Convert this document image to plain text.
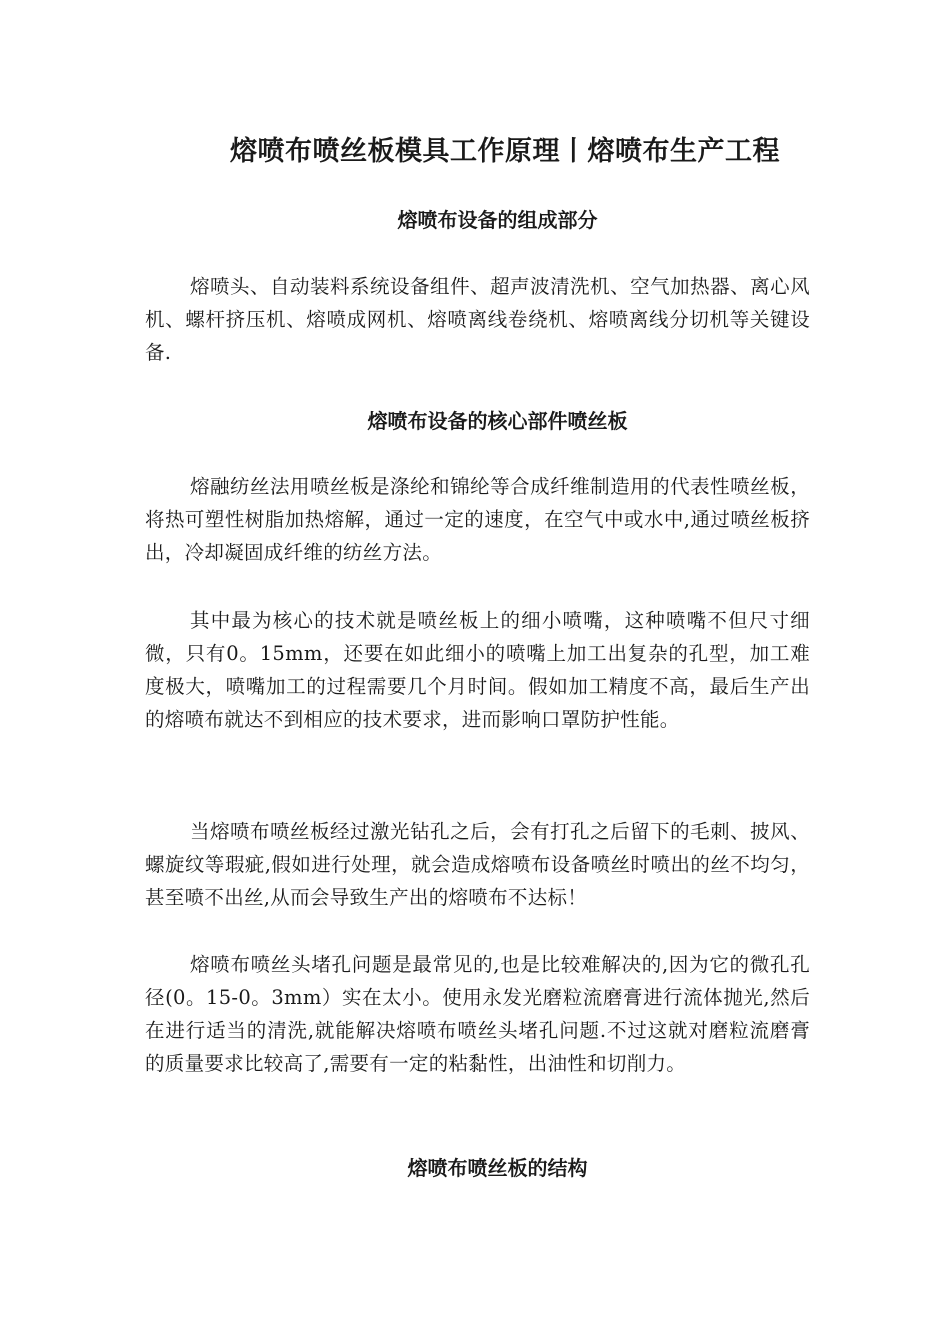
熔喷布喷丝板模具工作原理丨熔喷布生产工程
熔喷布设备的组成部分

熔喷头、自动装料系统设备组件、超声波清洗机、空气加热器、离心风机、螺杆挤压机、熔喷成网机、熔喷离线卷绕机、熔喷离线分切机等关键设备.

熔喷布设备的核心部件喷丝板

熔融纺丝法用喷丝板是涤纶和锦纶等合成纤维制造用的代表性喷丝板，将热可塑性树脂加热熔解，通过一定的速度，在空气中或水中,通过喷丝板挤出，冷却凝固成纤维的纺丝方法。

其中最为核心的技术就是喷丝板上的细小喷嘴，这种喷嘴不但尺寸细微，只有0。15mm，还要在如此细小的喷嘴上加工出复杂的孔型，加工难度极大，喷嘴加工的过程需要几个月时间。假如加工精度不高，最后生产出的熔喷布就达不到相应的技术要求，进而影响口罩防护性能。

当熔喷布喷丝板经过激光钻孔之后，会有打孔之后留下的毛刺、披风、螺旋纹等瑕疵,假如进行处理，就会造成熔喷布设备喷丝时喷出的丝不均匀，甚至喷不出丝,从而会导致生产出的熔喷布不达标！

熔喷布喷丝头堵孔问题是最常见的,也是比较难解决的,因为它的微孔孔径(0。15-0。3mm）实在太小。使用永发光磨粒流磨膏进行流体抛光,然后在进行适当的清洗,就能解决熔喷布喷丝头堵孔问题.不过这就对磨粒流磨膏的质量要求比较高了,需要有一定的粘黏性，出油性和切削力。

熔喷布喷丝板的结构
